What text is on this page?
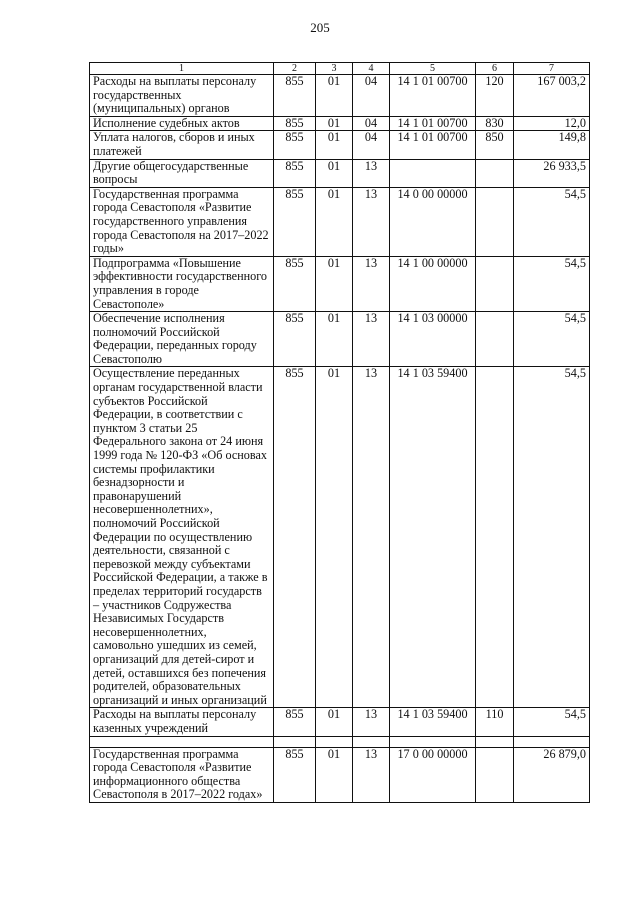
205
1	2	3	4	5	6	7
Расходы на выплаты персоналу государственных (муниципальных) органов	855	01	04	14 1 01 00700	120	167 003,2
Исполнение судебных актов	855	01	04	14 1 01 00700	830	12,0
Уплата налогов, сборов и иных платежей	855	01	04	14 1 01 00700	850	149,8
Другие общегосударственные вопросы	855	01	13			26 933,5
Государственная программа города Севастополя «Развитие государственного управления города Севастополя на 2017–2022 годы»	855	01	13	14 0 00 00000		54,5
Подпрограмма «Повышение эффективности государственного управления в городе Севастополе»	855	01	13	14 1 00 00000		54,5
Обеспечение исполнения полномочий Российской Федерации, переданных городу Севастополю	855	01	13	14 1 03 00000		54,5
Осуществление переданных органам государственной власти субъектов Российской Федерации, в соответствии с пунктом 3 статьи 25 Федерального закона от 24 июня 1999 года № 120-ФЗ «Об основах системы профилактики безнадзорности и правонарушений несовершеннолетних», полномочий Российской Федерации по осуществлению деятельности, связанной с перевозкой между субъектами Российской Федерации, а также в пределах территорий государств – участников Содружества Независимых Государств несовершеннолетних, самовольно ушедших из семей, организаций для детей-сирот и детей, оставшихся без попечения родителей, образовательных организаций и иных организаций	855	01	13	14 1 03 59400		54,5
Расходы на выплаты персоналу казенных учреждений	855	01	13	14 1 03 59400	110	54,5

Государственная программа города Севастополя «Развитие информационного общества Севастополя в 2017–2022 годах»	855	01	13	17 0 00 00000		26 879,0
